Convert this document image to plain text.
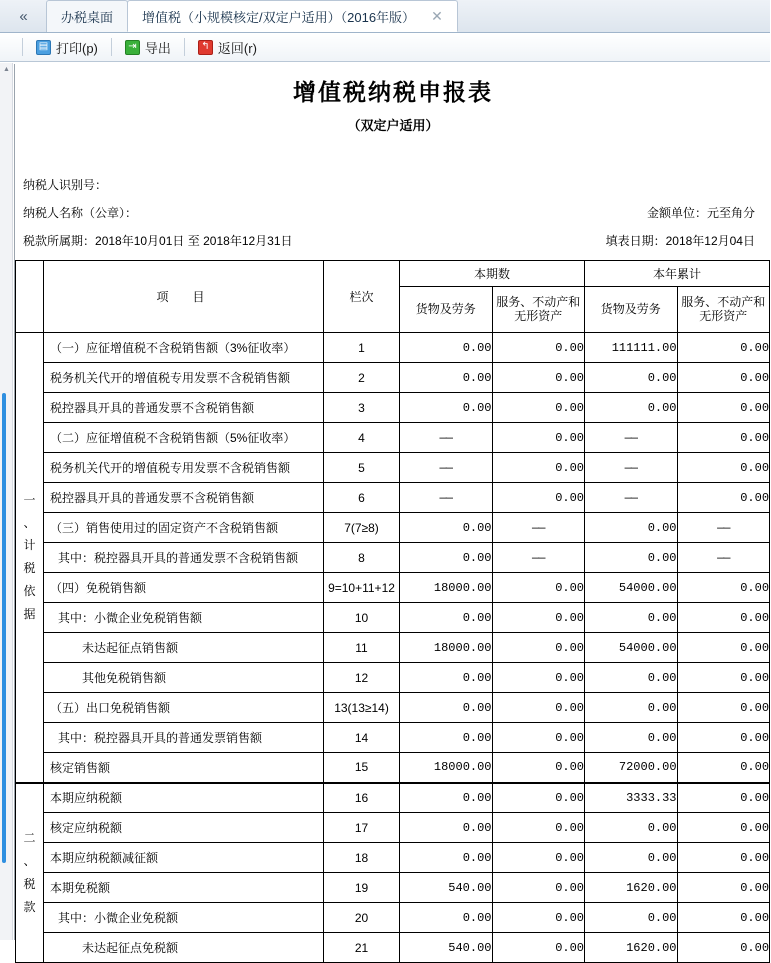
«	办税桌面 增值税（小规模核定/双定户适用）（2016年版） ✕
▤ 打印(p)	⇥ 导出	↰ 返回(r)
▲
增值税纳税申报表
（双定户适用）
纳税人识别号：
纳税人名称（公章）：	金额单位：元至角分
税款所属期：2018年10月01日 至 2018年12月31日	填表日期：2018年12月04日
	项　目	栏次	本期数		本年累计	
			货物及劳务	服务、不动产和无形资产	货物及劳务	服务、不动产和无形资产

一
、
计
税
依
据
	（一）应征增值税不含税销售额（3%征收率）	1	0.00	0.00	111111.00	0.00
	税务机关代开的增值税专用发票不含税销售额	2	0.00	0.00	0.00	0.00
	税控器具开具的普通发票不含税销售额	3	0.00	0.00	0.00	0.00
	（二）应征增值税不含税销售额（5%征收率）	4	——	0.00	——	0.00
	税务机关代开的增值税专用发票不含税销售额	5	——	0.00	——	0.00
	税控器具开具的普通发票不含税销售额	6	——	0.00	——	0.00
	（三）销售使用过的固定资产不含税销售额	7(7≥8)	0.00	——	0.00	——
	其中：税控器具开具的普通发票不含税销售额	8	0.00	——	0.00	——
	（四）免税销售额	9=10+11+12	18000.00	0.00	54000.00	0.00
	其中：小微企业免税销售额	10	0.00	0.00	0.00	0.00
	未达起征点销售额	11	18000.00	0.00	54000.00	0.00
	其他免税销售额	12	0.00	0.00	0.00	0.00
	（五）出口免税销售额	13(13≥14)	0.00	0.00	0.00	0.00
	其中：税控器具开具的普通发票销售额	14	0.00	0.00	0.00	0.00
	核定销售额	15	18000.00	0.00	72000.00	0.00

二
、
税
款	本期应纳税额	16	0.00	0.00	3333.33	0.00
	核定应纳税额	17	0.00	0.00	0.00	0.00
	本期应纳税额减征额	18	0.00	0.00	0.00	0.00
	本期免税额	19	540.00	0.00	1620.00	0.00
	其中：小微企业免税额	20	0.00	0.00	0.00	0.00
	未达起征点免税额	21	540.00	0.00	1620.00	0.00
